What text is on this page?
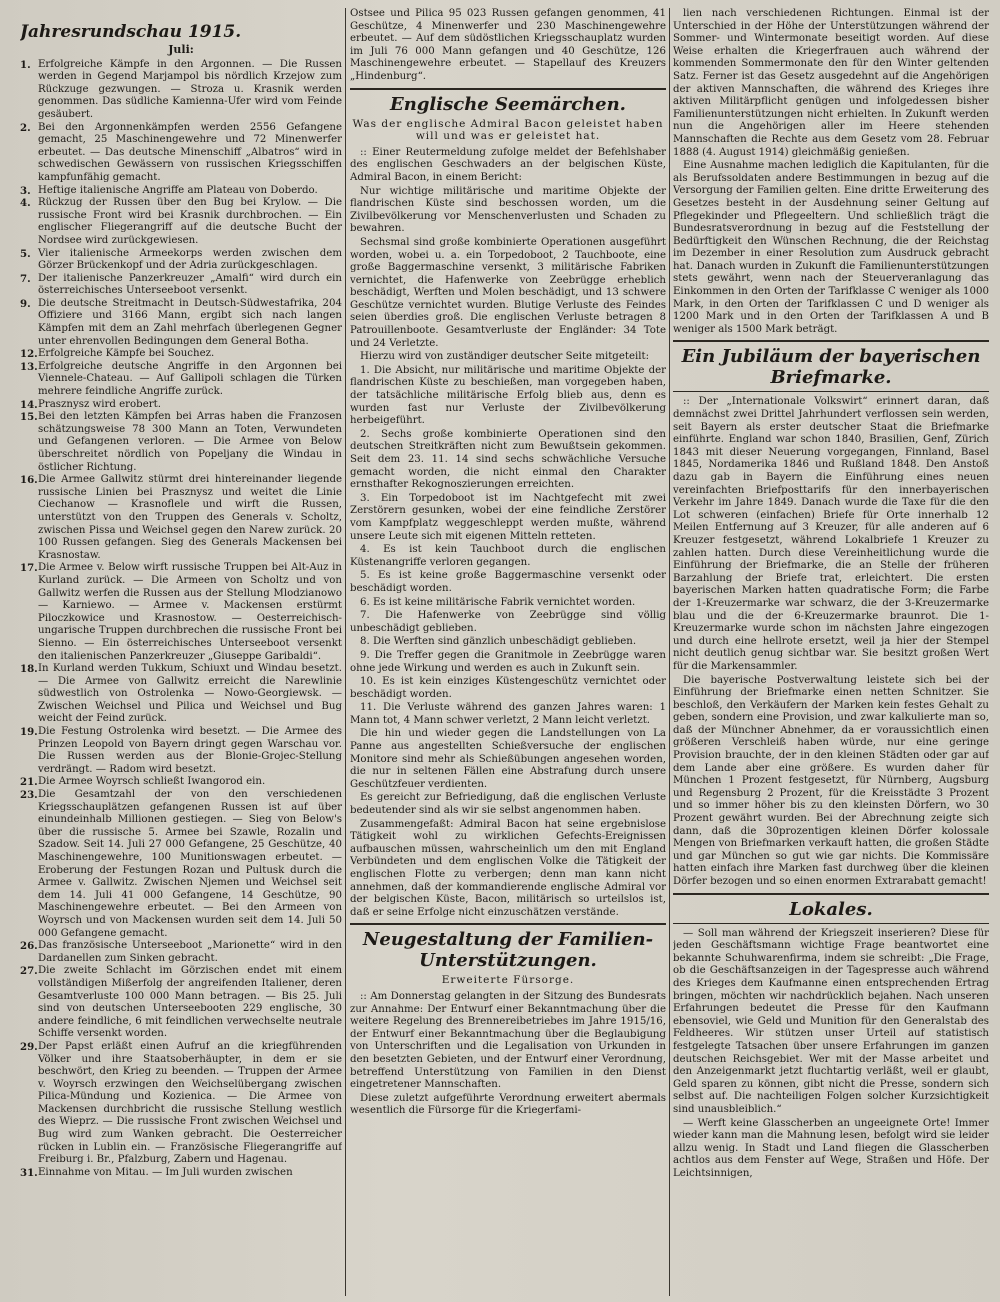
Jahresrundschau 1915.
Juli:
1. Erfolgreiche Kämpfe in den Argonnen. — Die Russen werden in Gegend Marjampol bis nördlich Krzejow zum Rückzuge gezwungen. — Stroza u. Krasnik werden genommen. Das südliche Kamienna-Ufer wird vom Feinde gesäubert.
2. Bei den Argonnenkämpfen werden 2556 Gefangene gemacht, 25 Maschinengewehre und 72 Minenwerfer erbeutet. — Das deutsche Minenschiff „Albatros“ wird in schwedischen Gewässern von russischen Kriegsschiffen kampfunfähig gemacht.
3. Heftige italienische Angriffe am Plateau von Doberdo.
4. Rückzug der Russen über den Bug bei Krylow. — Die russische Front wird bei Krasnik durchbrochen. — Ein englischer Fliegerangriff auf die deutsche Bucht der Nordsee wird zurückgewiesen.
5. Vier italienische Armeekorps werden zwischen dem Görzer Brückenkopf und der Adria zurückgeschlagen.
7. Der italienische Panzerkreuzer „Amalfi“ wird durch ein österreichisches Unterseeboot versenkt.
9. Die deutsche Streitmacht in Deutsch-Südwestafrika, 204 Offiziere und 3166 Mann, ergibt sich nach langen Kämpfen mit dem an Zahl mehrfach überlegenen Gegner unter ehrenvollen Bedingungen dem General Botha.
12. Erfolgreiche Kämpfe bei Souchez.
13. Erfolgreiche deutsche Angriffe in den Argonnen bei Viennele-Chateau. — Auf Gallipoli schlagen die Türken mehrere feindliche Angriffe zurück.
14. Prasznysz wird erobert.
15. Bei den letzten Kämpfen bei Arras haben die Franzosen schätzungsweise 78 300 Mann an Toten, Verwundeten und Gefangenen verloren. — Die Armee von Below überschreitet nördlich von Popeljany die Windau in östlicher Richtung.
16. Die Armee Gallwitz stürmt drei hintereinander liegende russische Linien bei Prasznysz und weitet die Linie Ciechanow — Krasnoflele und wirft die Russen, unterstützt von den Truppen des Generals v. Scholtz, zwischen Pissa und Weichsel gegen den Narew zurück. 20 100 Russen gefangen. Sieg des Generals Mackensen bei Krasnostaw.
17. Die Armee v. Below wirft russische Truppen bei Alt-Auz in Kurland zurück. — Die Armeen von Scholtz und von Gallwitz werfen die Russen aus der Stellung Mlodzianowo — Karniewo. — Armee v. Mackensen erstürmt Piloczkowice und Krasnostow. — Oesterreichisch-ungarische Truppen durchbrechen die russische Front bei Sienno. — Ein österreichisches Unterseeboot versenkt den italienischen Panzerkreuzer „Giuseppe Garibaldi“.
18. In Kurland werden Tukkum, Schiuxt und Windau besetzt. — Die Armee von Gallwitz erreicht die Narewlinie südwestlich von Ostrolenka — Nowo-Georgiewsk. — Zwischen Weichsel und Pilica und Weichsel und Bug weicht der Feind zurück.
19. Die Festung Ostrolenka wird besetzt. — Die Armee des Prinzen Leopold von Bayern dringt gegen Warschau vor. Die Russen werden aus der Blonie-Grojec-Stellung verdrängt. — Radom wird besetzt.
21. Die Armee Woyrsch schließt Iwangorod ein.
23. Die Gesamtzahl der von den verschiedenen Kriegsschauplätzen gefangenen Russen ist auf über einundeinhalb Millionen gestiegen. — Sieg von Below's über die russische 5. Armee bei Szawle, Rozalin und Szadow. Seit 14. Juli 27 000 Gefangene, 25 Geschütze, 40 Maschinengewehre, 100 Munitionswagen erbeutet. — Eroberung der Festungen Rozan und Pultusk durch die Armee v. Gallwitz. Zwischen Njemen und Weichsel seit dem 14. Juli 41 000 Gefangene, 14 Geschütze, 90 Maschinengewehre erbeutet. — Bei den Armeen von Woyrsch und von Mackensen wurden seit dem 14. Juli 50 000 Gefangene gemacht.
26. Das französische Unterseeboot „Marionette“ wird in den Dardanellen zum Sinken gebracht.
27. Die zweite Schlacht im Görzischen endet mit einem vollständigen Mißerfolg der angreifenden Italiener, deren Gesamtverluste 100 000 Mann betragen. — Bis 25. Juli sind von deutschen Unterseebooten 229 englische, 30 andere feindliche, 6 mit feindlichen verwechselte neutrale Schiffe versenkt worden.
29. Der Papst erläßt einen Aufruf an die kriegführenden Völker und ihre Staatsoberhäupter, in dem er sie beschwört, den Krieg zu beenden. — Truppen der Armee v. Woyrsch erzwingen den Weichselübergang zwischen Pilica-Mündung und Kozienica. — Die Armee von Mackensen durchbricht die russische Stellung westlich des Wieprz. — Die russische Front zwischen Weichsel und Bug wird zum Wanken gebracht. Die Oesterreicher rücken in Lublin ein. — Französische Fliegerangriffe auf Freiburg i. Br., Pfalzburg, Zabern und Hagenau.
31. Einnahme von Mitau. — Im Juli wurden zwischen

Ostsee und Pilica 95 023 Russen gefangen genommen, 41 Geschütze, 4 Minenwerfer und 230 Maschinengewehre erbeutet. — Auf dem südöstlichen Kriegsschauplatz wurden im Juli 76 000 Mann gefangen und 40 Geschütze, 126 Maschinengewehre erbeutet. — Stapellauf des Kreuzers „Hindenburg“.

Englische Seemärchen.
Was der englische Admiral Bacon geleistet haben will und was er geleistet hat.

:: Einer Reutermeldung zufolge meldet der Befehlshaber des englischen Geschwaders an der belgischen Küste, Admiral Bacon, in einem Bericht:

Nur wichtige militärische und maritime Objekte der flandrischen Küste sind beschossen worden, um die Zivilbevölkerung vor Menschenverlusten und Schaden zu bewahren.

Sechsmal sind große kombinierte Operationen ausgeführt worden, wobei u. a. ein Torpedoboot, 2 Tauchboote, eine große Baggermaschine versenkt, 3 militärische Fabriken vernichtet, die Hafenwerke von Zeebrügge erheblich beschädigt, Werften und Molen beschädigt, und 13 schwere Geschütze vernichtet wurden. Blutige Verluste des Feindes seien überdies groß. Die englischen Verluste betragen 8 Patrouillenboote. Gesamtverluste der Engländer: 34 Tote und 24 Verletzte.

Hierzu wird von zuständiger deutscher Seite mitgeteilt:

1. Die Absicht, nur militärische und maritime Objekte der flandrischen Küste zu beschießen, man vorgegeben haben, der tatsächliche militärische Erfolg blieb aus, denn es wurden fast nur Verluste der Zivilbevölkerung herbeigeführt.

2. Sechs große kombinierte Operationen sind den deutschen Streitkräften nicht zum Bewußtsein gekommen. Seit dem 23. 11. 14 sind sechs schwächliche Versuche gemacht worden, die nicht einmal den Charakter ernsthafter Rekognoszierungen erreichten.

3. Ein Torpedoboot ist im Nachtgefecht mit zwei Zerstörern gesunken, wobei der eine feindliche Zerstörer vom Kampfplatz weggeschleppt werden mußte, während unsere Leute sich mit eigenen Mitteln retteten.

4. Es ist kein Tauchboot durch die englischen Küstenangriffe verloren gegangen.

5. Es ist keine große Baggermaschine versenkt oder beschädigt worden.

6. Es ist keine militärische Fabrik vernichtet worden.

7. Die Hafenwerke von Zeebrügge sind völlig unbeschädigt geblieben.

8. Die Werften sind gänzlich unbeschädigt geblieben.

9. Die Treffer gegen die Granitmole in Zeebrügge waren ohne jede Wirkung und werden es auch in Zukunft sein.

10. Es ist kein einziges Küstengeschütz vernichtet oder beschädigt worden.

11. Die Verluste während des ganzen Jahres waren: 1 Mann tot, 4 Mann schwer verletzt, 2 Mann leicht verletzt.

Die hin und wieder gegen die Landstellungen von La Panne aus angestellten Schießversuche der englischen Monitore sind mehr als Schießübungen angesehen worden, die nur in seltenen Fällen eine Abstrafung durch unsere Geschützfeuer verdienten.

Es gereicht zur Befriedigung, daß die englischen Verluste bedeutender sind als wir sie selbst angenommen haben.

Zusammengefaßt: Admiral Bacon hat seine ergebnislose Tätigkeit wohl zu wirklichen Gefechts-Ereignissen aufbauschen müssen, wahrscheinlich um den mit England Verbündeten und dem englischen Volke die Tätigkeit der englischen Flotte zu verbergen; denn man kann nicht annehmen, daß der kommandierende englische Admiral vor der belgischen Küste, Bacon, militärisch so urteilslos ist, daß er seine Erfolge nicht einzuschätzen verstände.

Neugestaltung der Familien-Unterstützungen.
Erweiterte Fürsorge.

:: Am Donnerstag gelangten in der Sitzung des Bundesrats zur Annahme: Der Entwurf einer Bekanntmachung über die weitere Regelung des Brennereibetriebes im Jahre 1915/16, der Entwurf einer Bekanntmachung über die Beglaubigung von Unterschriften und die Legalisation von Urkunden in den besetzten Gebieten, und der Entwurf einer Verordnung, betreffend Unterstützung von Familien in den Dienst eingetretener Mannschaften.

Diese zuletzt aufgeführte Verordnung erweitert abermals wesentlich die Fürsorge für die Kriegerfami-

lien nach verschiedenen Richtungen. Einmal ist der Unterschied in der Höhe der Unterstützungen während der Sommer- und Wintermonate beseitigt worden. Auf diese Weise erhalten die Kriegerfrauen auch während der kommenden Sommermonate den für den Winter geltenden Satz. Ferner ist das Gesetz ausgedehnt auf die Angehörigen der aktiven Mannschaften, die während des Krieges ihre aktiven Militärpflicht genügen und infolgedessen bisher Familienunterstützungen nicht erhielten. In Zukunft werden nun die Angehörigen aller im Heere stehenden Mannschaften die Rechte aus dem Gesetz vom 28. Februar 1888 (4. August 1914) gleichmäßig genießen.

Eine Ausnahme machen lediglich die Kapitulanten, für die als Berufssoldaten andere Bestimmungen in bezug auf die Versorgung der Familien gelten. Eine dritte Erweiterung des Gesetzes besteht in der Ausdehnung seiner Geltung auf Pflegekinder und Pflegeeltern. Und schließlich trägt die Bundesratsverordnung in bezug auf die Feststellung der Bedürftigkeit den Wünschen Rechnung, die der Reichstag im Dezember in einer Resolution zum Ausdruck gebracht hat. Danach wurden in Zukunft die Familienunterstützungen stets gewährt, wenn nach der Steuerveranlagung das Einkommen in den Orten der Tarifklasse C weniger als 1000 Mark, in den Orten der Tarifklassen C und D weniger als 1200 Mark und in den Orten der Tarifklassen A und B weniger als 1500 Mark beträgt.

Ein Jubiläum der bayerischen Briefmarke.

:: Der „Internationale Volkswirt“ erinnert daran, daß demnächst zwei Drittel Jahrhundert verflossen sein werden, seit Bayern als erster deutscher Staat die Briefmarke einführte. England war schon 1840, Brasilien, Genf, Zürich 1843 mit dieser Neuerung vorgegangen, Finnland, Basel 1845, Nordamerika 1846 und Rußland 1848. Den Anstoß dazu gab in Bayern die Einführung eines neuen vereinfachten Briefposttarifs für den innerbayerischen Verkehr im Jahre 1849. Danach wurde die Taxe für die den Lot schweren (einfachen) Briefe für Orte innerhalb 12 Meilen Entfernung auf 3 Kreuzer, für alle anderen auf 6 Kreuzer festgesetzt, während Lokalbriefe 1 Kreuzer zu zahlen hatten. Durch diese Vereinheitlichung wurde die Einführung der Briefmarke, die an Stelle der früheren Barzahlung der Briefe trat, erleichtert. Die ersten bayerischen Marken hatten quadratische Form; die Farbe der 1-Kreuzermarke war schwarz, die der 3-Kreuzermarke blau und die der 6-Kreuzermarke braunrot. Die 1-Kreuzermarke wurde schon im nächsten Jahre eingezogen und durch eine hellrote ersetzt, weil ja hier der Stempel nicht deutlich genug sichtbar war. Sie besitzt großen Wert für die Markensammler.

Die bayerische Postverwaltung leistete sich bei der Einführung der Briefmarke einen netten Schnitzer. Sie beschloß, den Verkäufern der Marken kein festes Gehalt zu geben, sondern eine Provision, und zwar kalkulierte man so, daß der Münchner Abnehmer, da er voraussichtlich einen größeren Verschleiß haben würde, nur eine geringe Provision brauchte, der in den kleinen Städten oder gar auf dem Lande aber eine größere. Es wurden daher für München 1 Prozent festgesetzt, für Nürnberg, Augsburg und Regensburg 2 Prozent, für die Kreisstädte 3 Prozent und so immer höher bis zu den kleinsten Dörfern, wo 30 Prozent gewährt wurden. Bei der Abrechnung zeigte sich dann, daß die 30prozentigen kleinen Dörfer kolossale Mengen von Briefmarken verkauft hatten, die großen Städte und gar München so gut wie gar nichts. Die Kommissäre hatten einfach ihre Marken fast durchweg über die kleinen Dörfer bezogen und so einen enormen Extrarabatt gemacht!

Lokales.

— Soll man während der Kriegszeit inserieren? Diese für jeden Geschäftsmann wichtige Frage beantwortet eine bekannte Schuhwarenfirma, indem sie schreibt: „Die Frage, ob die Geschäftsanzeigen in der Tagespresse auch während des Krieges dem Kaufmanne einen entsprechenden Ertrag bringen, möchten wir nachdrücklich bejahen. Nach unseren Erfahrungen bedeutet die Presse für den Kaufmann ebensoviel, wie Geld und Munition für den Generalstab des Feldheeres. Wir stützen unser Urteil auf statistisch festgelegte Tatsachen über unsere Erfahrungen im ganzen deutschen Reichsgebiet. Wer mit der Masse arbeitet und den Anzeigenmarkt jetzt fluchtartig verläßt, weil er glaubt, Geld sparen zu können, gibt nicht die Presse, sondern sich selbst auf. Die nachteiligen Folgen solcher Kurzsichtigkeit sind unausbleiblich.“

— Werft keine Glasscherben an ungeeignete Orte! Immer wieder kann man die Mahnung lesen, befolgt wird sie leider allzu wenig. In Stadt und Land fliegen die Glasscherben achtlos aus dem Fenster auf Wege, Straßen und Höfe. Der Leichtsinnigen,
